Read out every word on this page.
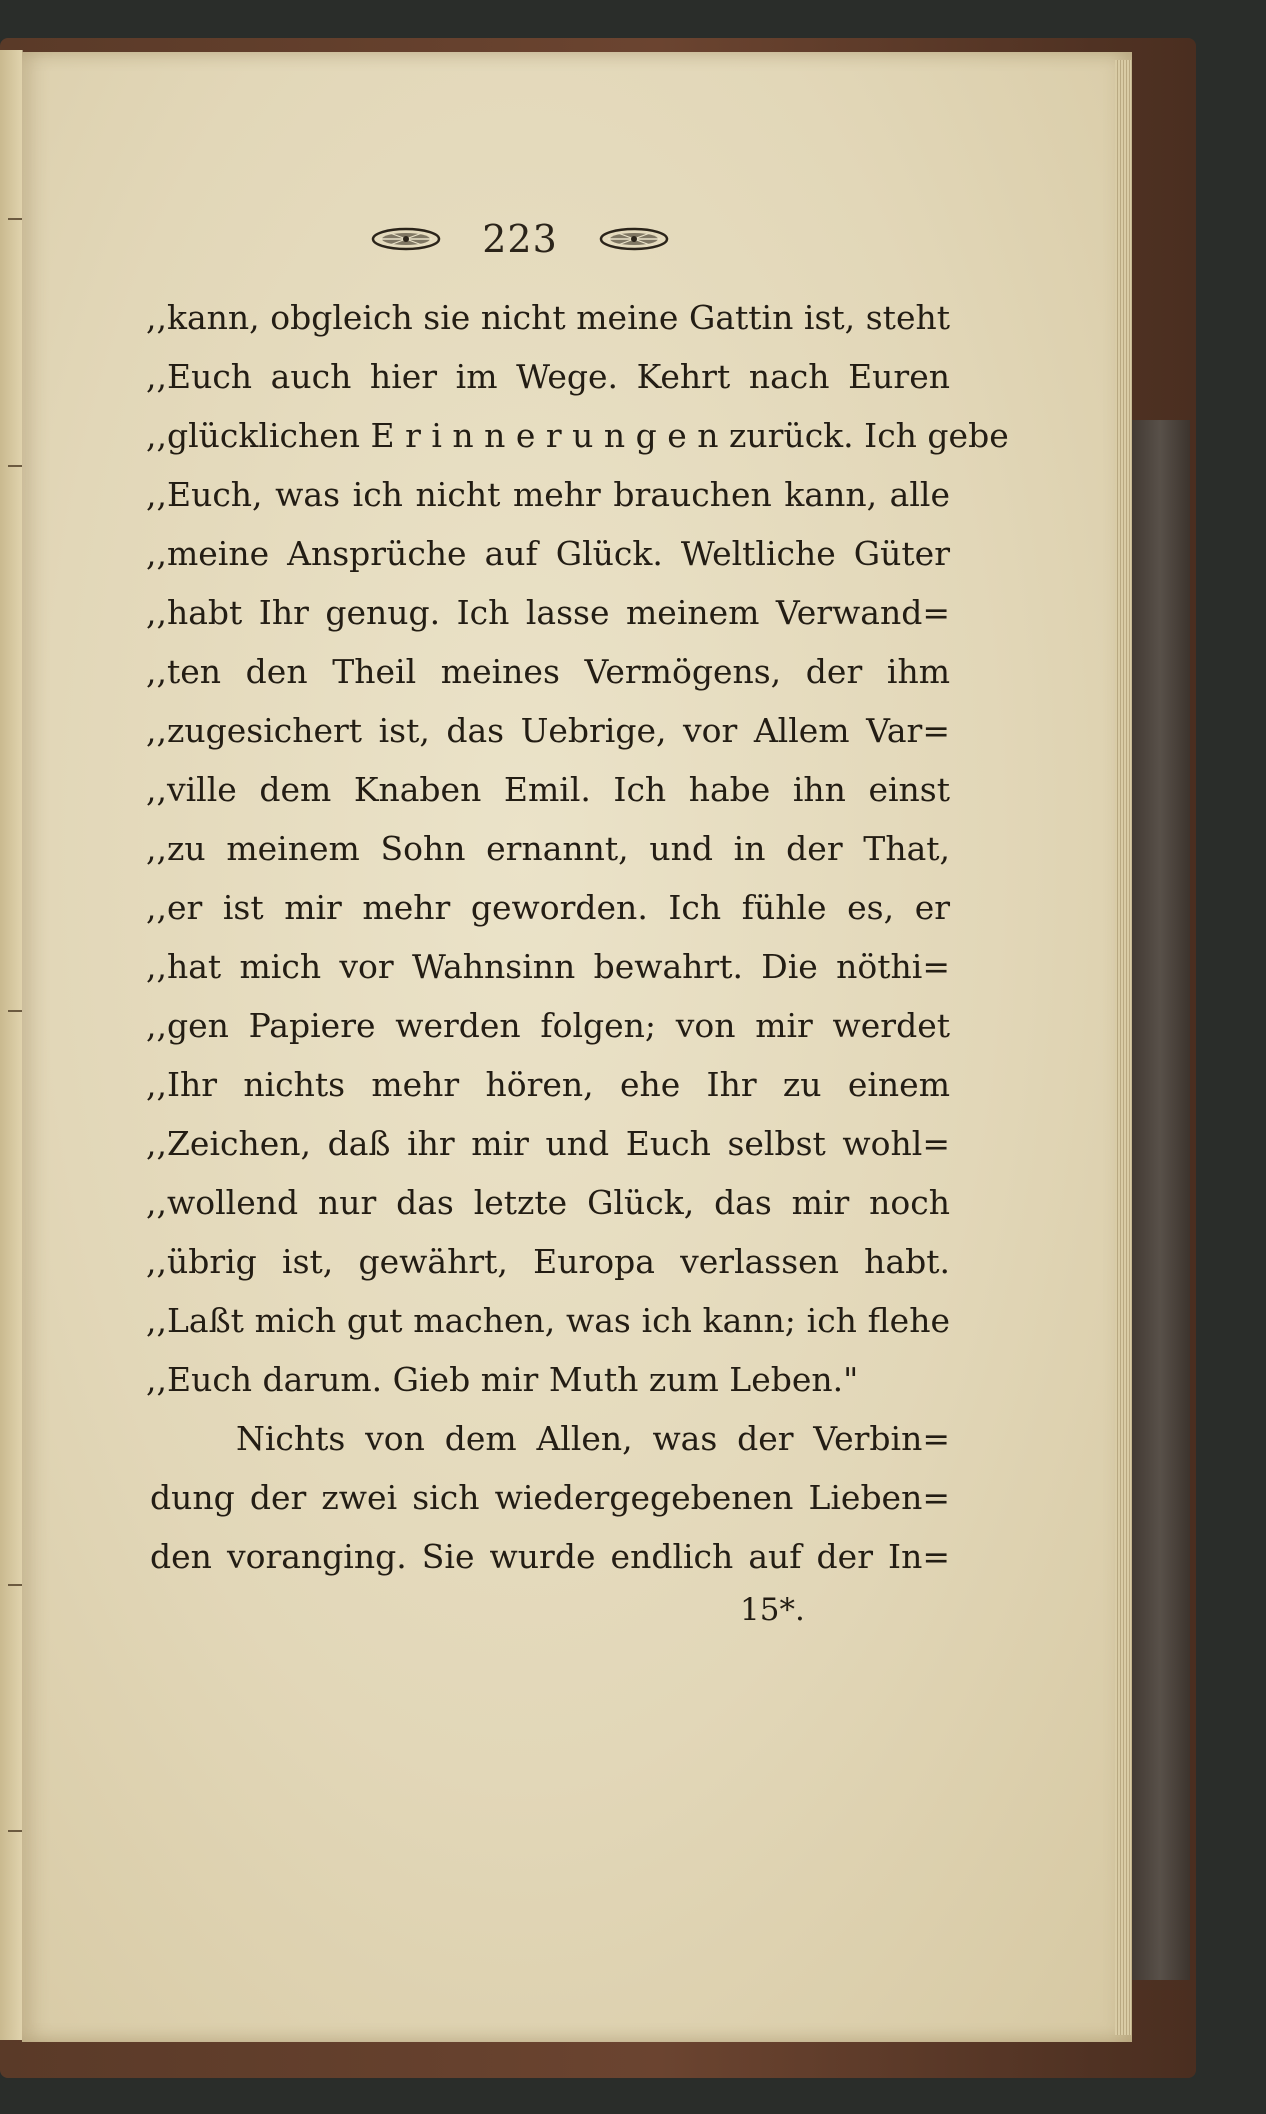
223
,,kann, obgleich sie nicht meine Gattin ist, steht
,,Euch auch hier im Wege. Kehrt nach Euren
,,glücklichen E r i n n e r u n g e n zurück. Ich gebe
,,Euch, was ich nicht mehr brauchen kann, alle
,,meine Ansprüche auf Glück. Weltliche Güter
,,habt Ihr genug. Ich lasse meinem Verwand=
,,ten den Theil meines Vermögens, der ihm
,,zugesichert ist, das Uebrige, vor Allem Var=
,,ville dem Knaben Emil. Ich habe ihn einst
,,zu meinem Sohn ernannt, und in der That,
,,er ist mir mehr geworden. Ich fühle es, er
,,hat mich vor Wahnsinn bewahrt. Die nöthi=
,,gen Papiere werden folgen; von mir werdet
,,Ihr nichts mehr hören, ehe Ihr zu einem
,,Zeichen, daß ihr mir und Euch selbst wohl=
,,wollend nur das letzte Glück, das mir noch
,,übrig ist, gewährt, Europa verlassen habt.
,,Laßt mich gut machen, was ich kann; ich flehe
,,Euch darum. Gieb mir Muth zum Leben."
Nichts von dem Allen, was der Verbin=
dung der zwei sich wiedergegebenen Lieben=
den voranging. Sie wurde endlich auf der In=
15*.
